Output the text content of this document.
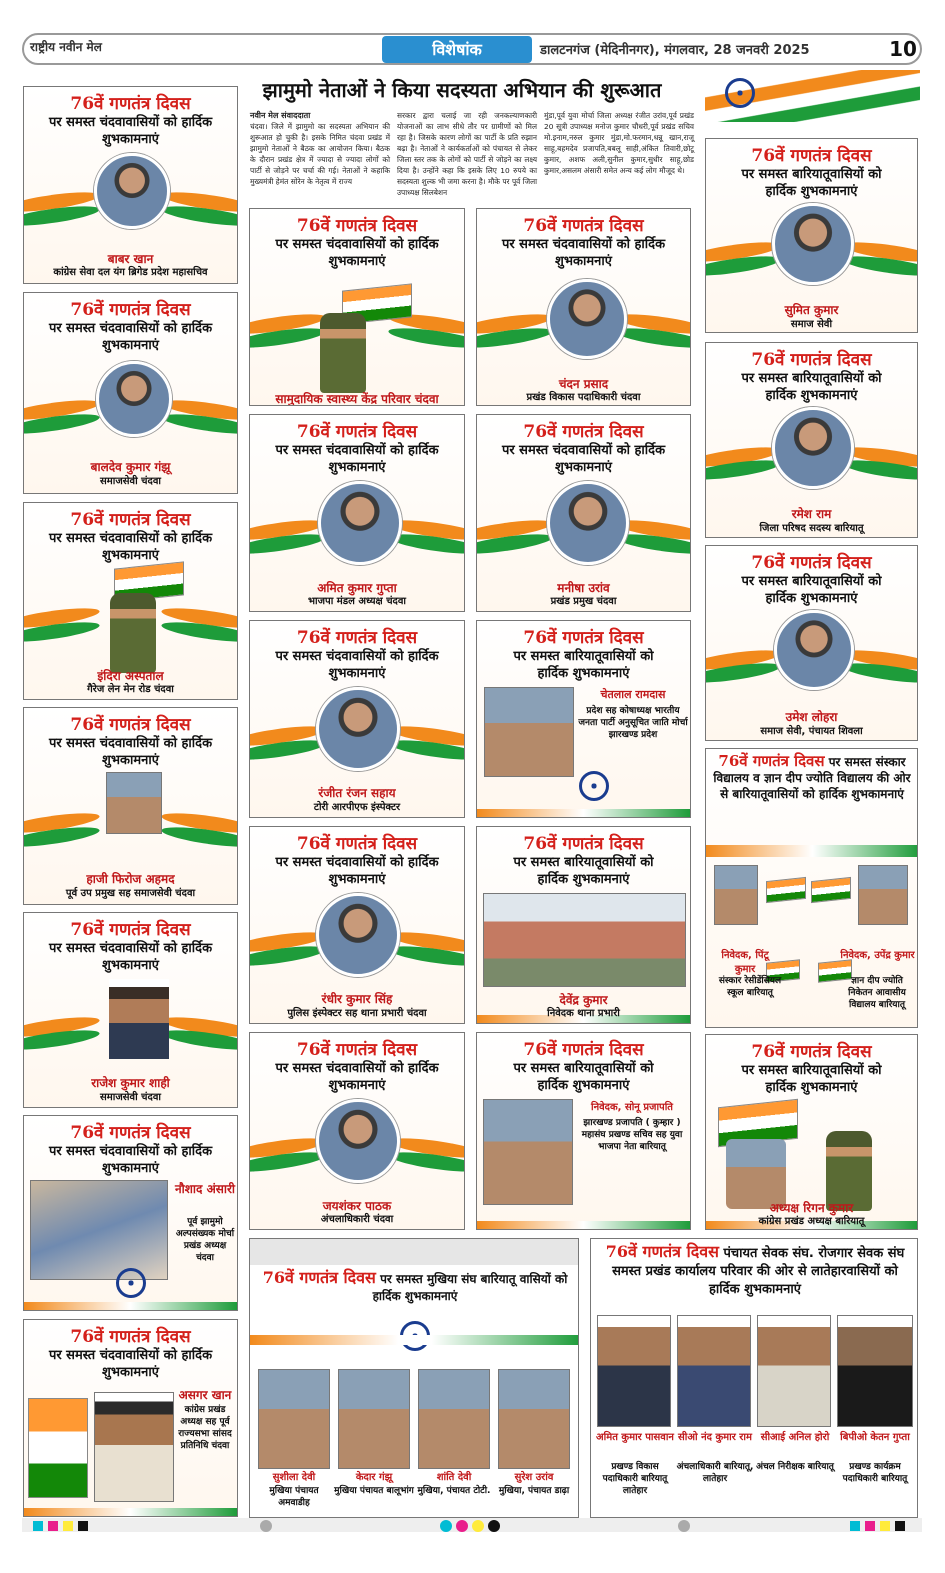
राष्ट्रीय नवीन मेल	विशेषांक	डालटनगंज (मेदिनीनगर), मंगलवार, 28 जनवरी 2025	10
झामुमो नेताओं ने किया सदस्यता अभियान की शुरूआत
नवीन मेल संवाददाता
चंदवा। जिले में झामुमो का सदस्यता अभियान की शुरूआत हो चुकी है। इसके निमित चंदवा प्रखंड में झामुमो नेताओं ने बैठक का आयोजन किया। बैठक के दौरान प्रखंड क्षेत्र में ज्यादा से ज्यादा लोगों को पार्टी से जोड़ने पर चर्चा की गई। नेताओं ने कहाकि मुख्यमंत्री हेमंत सोरेन के नेतृत्व में राज्य
सरकार द्वारा चलाई जा रही जनकल्याणकारी योजनाओं का लाभ सीधे तौर पर ग्रामीणों को मिल रहा है। जिसके कारण लोगों का पार्टी के प्रति रुझान बढ़ा है। नेताओं ने कार्यकर्ताओं को पंचायत से लेकर जिला स्तर तक के लोगों को पार्टी से जोड़ने का लक्ष्य दिया है। उन्होंने कहा कि इसके लिए 10 रुपये का सदस्यता शुल्क भी जमा करना है। मौके पर पूर्व जिला उपाध्यक्ष सिलबेशन
मुंडा,पूर्व युवा मोर्चा जिला अध्यक्ष रंजीत उरांव,पूर्व प्रखंड 20 सूत्री उपाध्यक्ष मनोज कुमार चौधरी,पूर्व प्रखंड सचिव मो.इनाम,नरुल कुमार मुंडा,मो.फरमान,धन्नू खान,राजू साहू,बहमदेव प्रजापति,बबलू साही,अंकित तिवारी,छोटू कुमार, अशफ अली,सुनील कुमार,सुधीर साहू,छोड कुमार,असलम अंसारी समेत अन्य कई लोग मौजूद थे।
76वें गणतंत्र दिवस
पर समस्त चंदवावासियों को हार्दिक शुभकामनाएं
बाबर खान
कांग्रेस सेवा दल यंग ब्रिगेड प्रदेश महासचिव
76वें गणतंत्र दिवस
पर समस्त चंदवावासियों को हार्दिक शुभकामनाएं
बालदेव कुमार गंझू
समाजसेवी चंदवा
76वें गणतंत्र दिवस
पर समस्त चंदवावासियों को हार्दिक शुभकामनाएं
इंदिरा अस्पताल
गैरेज लेन मेन रोड चंदवा
76वें गणतंत्र दिवस
पर समस्त चंदवावासियों को हार्दिक शुभकामनाएं
हाजी फिरोज अहमद
पूर्व उप प्रमुख सह समाजसेवी चंदवा
76वें गणतंत्र दिवस
पर समस्त चंदवावासियों को हार्दिक शुभकामनाएं
राजेश कुमार शाही
समाजसेवी चंदवा
76वें गणतंत्र दिवस
पर समस्त चंदवावासियों को हार्दिक शुभकामनाएं
नौशाद अंसारी
पूर्व झामुमो अल्पसंख्यक मोर्चा प्रखंड अध्यक्ष चंदवा
76वें गणतंत्र दिवस
पर समस्त चंदवावासियों को हार्दिक शुभकामनाएं
असगर खान
कांग्रेस प्रखंड अध्यक्ष सह पूर्व राज्यसभा सांसद प्रतिनिधि चंदवा
76वें गणतंत्र दिवस
पर समस्त चंदवावासियों को हार्दिक शुभकामनाएं
सामुदायिक स्वास्थ्य केंद्र परिवार चंदवा
76वें गणतंत्र दिवस
पर समस्त चंदवावासियों को हार्दिक शुभकामनाएं
चंदन प्रसाद
प्रखंड विकास पदाधिकारी चंदवा
76वें गणतंत्र दिवस
पर समस्त चंदवावासियों को हार्दिक शुभकामनाएं
अमित कुमार गुप्ता
भाजपा मंडल अध्यक्ष चंदवा
76वें गणतंत्र दिवस
पर समस्त चंदवावासियों को हार्दिक शुभकामनाएं
मनीषा उरांव
प्रखंड प्रमुख चंदवा
76वें गणतंत्र दिवस
पर समस्त चंदवावासियों को हार्दिक शुभकामनाएं
रंजीत रंजन सहाय
टोरी आरपीएफ इंस्पेक्टर
76वें गणतंत्र दिवस
पर समस्त बारियातूवासियों को हार्दिक शुभकामनाएं
चेतलाल रामदास
प्रदेश सह कोषाध्यक्ष भारतीय जनता पार्टी अनुसूचित जाति मोर्चा झारखण्ड प्रदेश
76वें गणतंत्र दिवस
पर समस्त चंदवावासियों को हार्दिक शुभकामनाएं
रंधीर कुमार सिंह
पुलिस इंस्पेक्टर सह थाना प्रभारी चंदवा
76वें गणतंत्र दिवस
पर समस्त बारियातूवासियों को हार्दिक शुभकामनाएं
देवेंद्र कुमार
निवेदक थाना प्रभारी
76वें गणतंत्र दिवस
पर समस्त चंदवावासियों को हार्दिक शुभकामनाएं
जयशंकर पाठक
अंचलाधिकारी चंदवा
76वें गणतंत्र दिवस
पर समस्त बारियातूवासियों को हार्दिक शुभकामनाएं
निवेदक, सोनू प्रजापति
झारखण्ड प्रजापति ( कुम्हार ) महासंघ प्रखण्ड सचिव सह युवा भाजपा नेता बारियातू
76वें गणतंत्र दिवस
पर समस्त बारियातूवासियों को हार्दिक शुभकामनाएं
सुमित कुमार
समाज सेवी
76वें गणतंत्र दिवस
पर समस्त बारियातूवासियों को हार्दिक शुभकामनाएं
रमेश राम
जिला परिषद सदस्य बारियातू
76वें गणतंत्र दिवस
पर समस्त बारियातूवासियों को हार्दिक शुभकामनाएं
उमेश लोहरा
समाज सेवी, पंचायत शिवला
76वें गणतंत्र दिवस पर समस्त संस्कार विद्यालय व ज्ञान दीप ज्योति विद्यालय की ओर से बारियातूवासियों को हार्दिक शुभकामनाएं
निवेदक, पिंटू कुमार
संस्कार रेसीडेंसियल स्कूल बारियातू
निवेदक, उपेंद्र कुमार
ज्ञान दीप ज्योति निकेतन आवासीय विद्यालय बारियातू
76वें गणतंत्र दिवस
पर समस्त बारियातूवासियों को हार्दिक शुभकामनाएं
अध्यक्ष रिगन कुमार
कांग्रेस प्रखंड अध्यक्ष बारियातू
76वें गणतंत्र दिवस पर समस्त मुखिया संघ बारियातू वासियों को हार्दिक शुभकामनाएं
सुशीला देवी
मुखिया पंचायत अमवाडीह
केदार गंझू
मुखिया पंचायत बालूभांग
शांति देवी
मुखिया, पंचायत टोटी.
सुरेश उरांव
मुखिया, पंचायत डाढ़ा
76वें गणतंत्र दिवस पंचायत सेवक संघ. रोजगार सेवक संघ समस्त प्रखंड कार्यालय परिवार की ओर से लातेहारवासियों को हार्दिक शुभकामनाएं
अमित कुमार पासवान
प्रखण्ड विकास पदाधिकारी बारियातू लातेहार
सीओ नंद कुमार राम
अंचलाधिकारी बारियातू, लातेहार
सीआई अनिल होरो
अंचल निरीक्षक बारियातू
बिपीओ केतन गुप्ता
प्रखण्ड कार्यक्रम पदाधिकारी बारियातू
